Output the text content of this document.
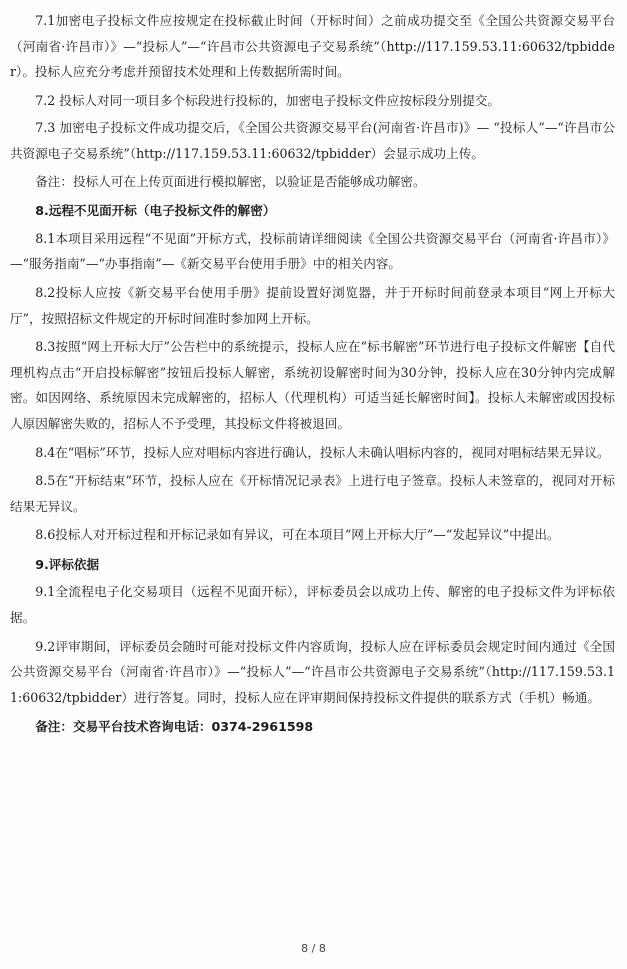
7.1加密电子投标文件应按规定在投标截止时间（开标时间）之前成功提交至《全国公共资源交易平台（河南省·许昌市）》—“投标人”—“许昌市公共资源电子交易系统”（http://117.159.53.11:60632/tpbidder）。投标人应充分考虑并预留技术处理和上传数据所需时间。

7.2 投标人对同一项目多个标段进行投标的，加密电子投标文件应按标段分别提交。

7.3 加密电子投标文件成功提交后，《全国公共资源交易平台(河南省·许昌市)》— “投标人”—“许昌市公共资源电子交易系统”（http://117.159.53.11:60632/tpbidder）会显示成功上传。

备注：投标人可在上传页面进行模拟解密，以验证是否能够成功解密。

8.远程不见面开标（电子投标文件的解密）

8.1本项目采用远程“不见面”开标方式，投标前请详细阅读《全国公共资源交易平台（河南省·许昌市）》—“服务指南”—“办事指南”—《新交易平台使用手册》中的相关内容。

8.2投标人应按《新交易平台使用手册》提前设置好浏览器，并于开标时间前登录本项目“网上开标大厅”，按照招标文件规定的开标时间准时参加网上开标。

8.3按照“网上开标大厅”公告栏中的系统提示，投标人应在“标书解密”环节进行电子投标文件解密【自代理机构点击“开启投标解密”按钮后投标人解密，系统初设解密时间为30分钟，投标人应在30分钟内完成解密。如因网络、系统原因未完成解密的，招标人（代理机构）可适当延长解密时间】。投标人未解密或因投标人原因解密失败的，招标人不予受理，其投标文件将被退回。

8.4在“唱标”环节，投标人应对唱标内容进行确认，投标人未确认唱标内容的，视同对唱标结果无异议。

8.5在“开标结束”环节，投标人应在《开标情况记录表》上进行电子签章。投标人未签章的，视同对开标结果无异议。

8.6投标人对开标过程和开标记录如有异议，可在本项目“网上开标大厅”—“发起异议”中提出。

9.评标依据

9.1全流程电子化交易项目（远程不见面开标），评标委员会以成功上传、解密的电子投标文件为评标依据。

9.2评审期间，评标委员会随时可能对投标文件内容质询，投标人应在评标委员会规定时间内通过《全国公共资源交易平台（河南省·许昌市）》—“投标人”—“许昌市公共资源电子交易系统”（http://117.159.53.11:60632/tpbidder）进行答复。同时，投标人应在评审期间保持投标文件提供的联系方式（手机）畅通。

备注：交易平台技术咨询电话：0374-2961598

8 / 8
